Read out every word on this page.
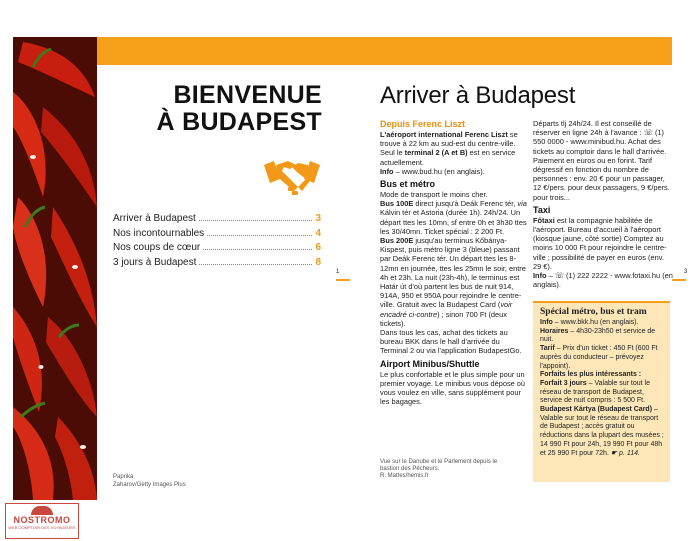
Paprika
Zaharov/Getty Images Plus
NOSTROMO
WEB COMPTOIR DES VOYAGEURS
BIENVENUE
À BUDAPEST
Arriver à Budapest	3
Nos incontournables	4
Nos coups de cœur	6
3 jours à Budapest	8
1	3
Arriver à Budapest
Depuis Ferenc Liszt

L'aéroport international Ferenc Liszt se trouve à 22 km au sud-est du centre-ville. Seul le terminal 2 (A et B) est en service actuellement.

Info – www.bud.hu (en anglais).

Bus et métro

Mode de transport le moins cher.

Bus 100E direct jusqu'à Deák Ferenc tér, via Kálvin tér et Astoria (durée 1h). 24h/24. Un départ ttes les 10mn, sf entre 0h et 3h30 ttes les 30/40mn. Ticket spécial : 2 200 Ft.

Bus 200E jusqu'au terminus Kőbánya-Kispest, puis métro ligne 3 (bleue) passant par Deák Ferenc tér. Un départ ttes les 8-12mn en journée, ttes les 25mn le soir, entre 4h et 23h. La nuit (23h-4h), le terminus est Határ út d'où partent les bus de nuit 914, 914A, 950 et 950A pour rejoindre le centre-ville. Gratuit avec la Budapest Card (voir encadré ci-contre) ; sinon 700 Ft (deux tickets).

Dans tous les cas, achat des tickets au bureau BKK dans le hall d'arrivée du Terminal 2 ou via l'application BudapestGo.

Airport Minibus/Shuttle

Le plus confortable et le plus simple pour un premier voyage. Le minibus vous dépose où vous voulez en ville, sans supplément pour les bagages.

Départs tlj 24h/24. Il est conseillé de réserver en ligne 24h à l'avance : ☏ (1) 550 0000 - www.minibud.hu. Achat des tickets au comptoir dans le hall d'arrivée. Paiement en euros ou en forint. Tarif dégressif en fonction du nombre de personnes : env. 20 € pour un passager, 12 €/pers. pour deux passagers, 9 €/pers. pour trois...

Taxi

Főtaxi est la compagnie habilitée de l'aéroport. Bureau d'accueil à l'aéroport (kiosque jaune, côté sortie) Comptez au moins 10 000 Ft pour rejoindre le centre-ville ; possibilité de payer en euros (env. 29 €).

Info – ☏ (1) 222 2222 - www.fotaxi.hu (en anglais).

Spécial métro, bus et tram

Info – www.bkk.hu (en anglais).

Horaires – 4h30-23h50 et service de nuit.

Tarif – Prix d'un ticket : 450 Ft (600 Ft auprès du conducteur – prévoyez l'appoint).

Forfaits les plus intéressants :

Forfait 3 jours – Valable sur tout le réseau de transport de Budapest, service de nuit compris : 5 500 Ft.

Budapest Kártya (Budapest Card) – Valable sur tout le réseau de transport de Budapest ; accès gratuit ou réductions dans la plupart des musées ; 14 990 Ft pour 24h, 19 990 Ft pour 48h et 25 990 Ft pour 72h. ☛ p. 114.

Vue sur le Danube et le Parlement depuis le bastion des Pêcheurs.
R. Mattes/hemis.fr
